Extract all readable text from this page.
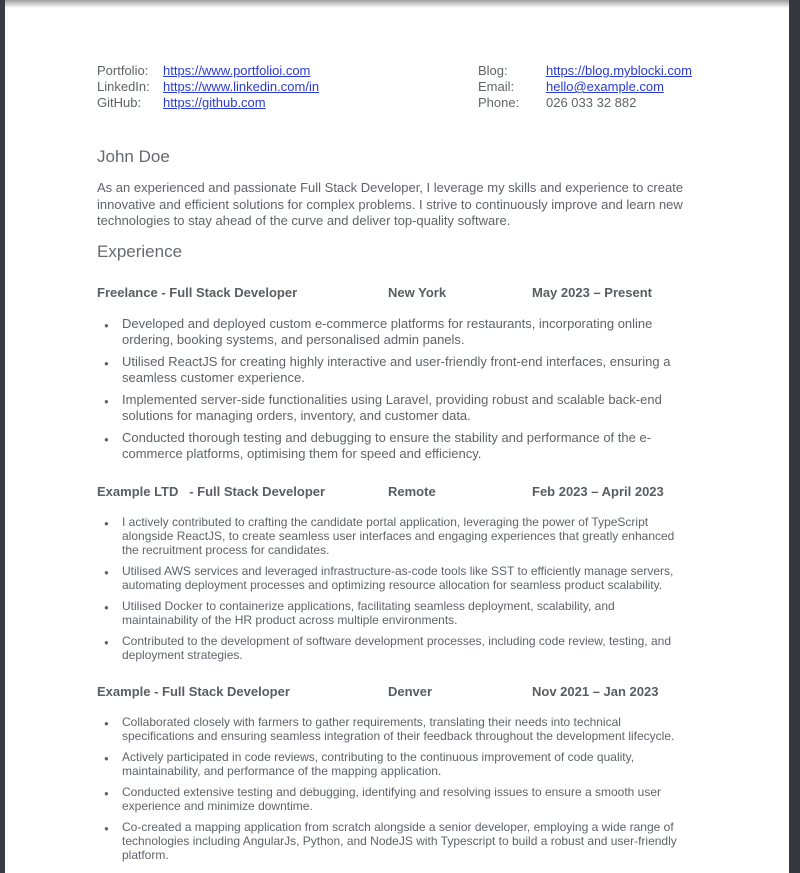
Portfolio:	https://www.portfolioi.com
LinkedIn:	https://www.linkedin.com/in
GitHub:	https://github.com
Blog:	https://blog.myblocki.com
Email:	hello@example.com
Phone:	026 033 32 882
John Doe
As an experienced and passionate Full Stack Developer, I leverage my skills and experience to create innovative and efficient solutions for complex problems. I strive to continuously improve and learn new technologies to stay ahead of the curve and deliver top-quality software.
Experience
Freelance - Full Stack Developer	New York	May 2023 – Present
● Developed and deployed custom e-commerce platforms for restaurants, incorporating online ordering, booking systems, and personalised admin panels.
● Utilised ReactJS for creating highly interactive and user-friendly front-end interfaces, ensuring a seamless customer experience.
● Implemented server-side functionalities using Laravel, providing robust and scalable back-end solutions for managing orders, inventory, and customer data.
● Conducted thorough testing and debugging to ensure the stability and performance of the e-commerce platforms, optimising them for speed and efficiency.
Example LTD   - Full Stack Developer	Remote	Feb 2023 – April 2023
● I actively contributed to crafting the candidate portal application, leveraging the power of TypeScript alongside ReactJS, to create seamless user interfaces and engaging experiences that greatly enhanced the recruitment process for candidates.
● Utilised AWS services and leveraged infrastructure-as-code tools like SST to efficiently manage servers, automating deployment processes and optimizing resource allocation for seamless product scalability.
● Utilised Docker to containerize applications, facilitating seamless deployment, scalability, and maintainability of the HR product across multiple environments.
● Contributed to the development of software development processes, including code review, testing, and deployment strategies.
Example - Full Stack Developer	Denver	Nov 2021 – Jan 2023
● Collaborated closely with farmers to gather requirements, translating their needs into technical specifications and ensuring seamless integration of their feedback throughout the development lifecycle.
● Actively participated in code reviews, contributing to the continuous improvement of code quality, maintainability, and performance of the mapping application.
● Conducted extensive testing and debugging, identifying and resolving issues to ensure a smooth user experience and minimize downtime.
● Co-created a mapping application from scratch alongside a senior developer, employing a wide range of technologies including AngularJs, Python, and NodeJS with Typescript to build a robust and user-friendly platform.
